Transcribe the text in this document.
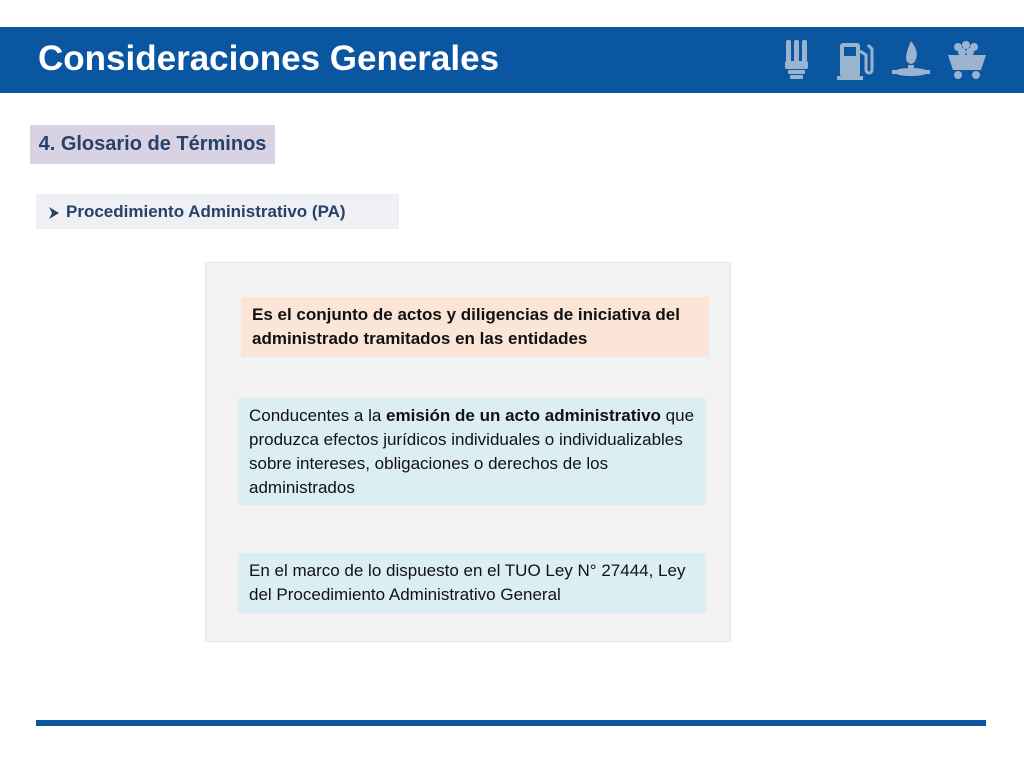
Consideraciones Generales
4. Glosario de Términos
Procedimiento Administrativo (PA)
Es el conjunto de actos y diligencias de iniciativa del administrado tramitados en las entidades
Conducentes a la emisión de un acto administrativo que produzca efectos jurídicos individuales o individualizables sobre intereses, obligaciones o derechos de los administrados
En el marco de lo dispuesto en el TUO Ley N° 27444, Ley del Procedimiento Administrativo General
